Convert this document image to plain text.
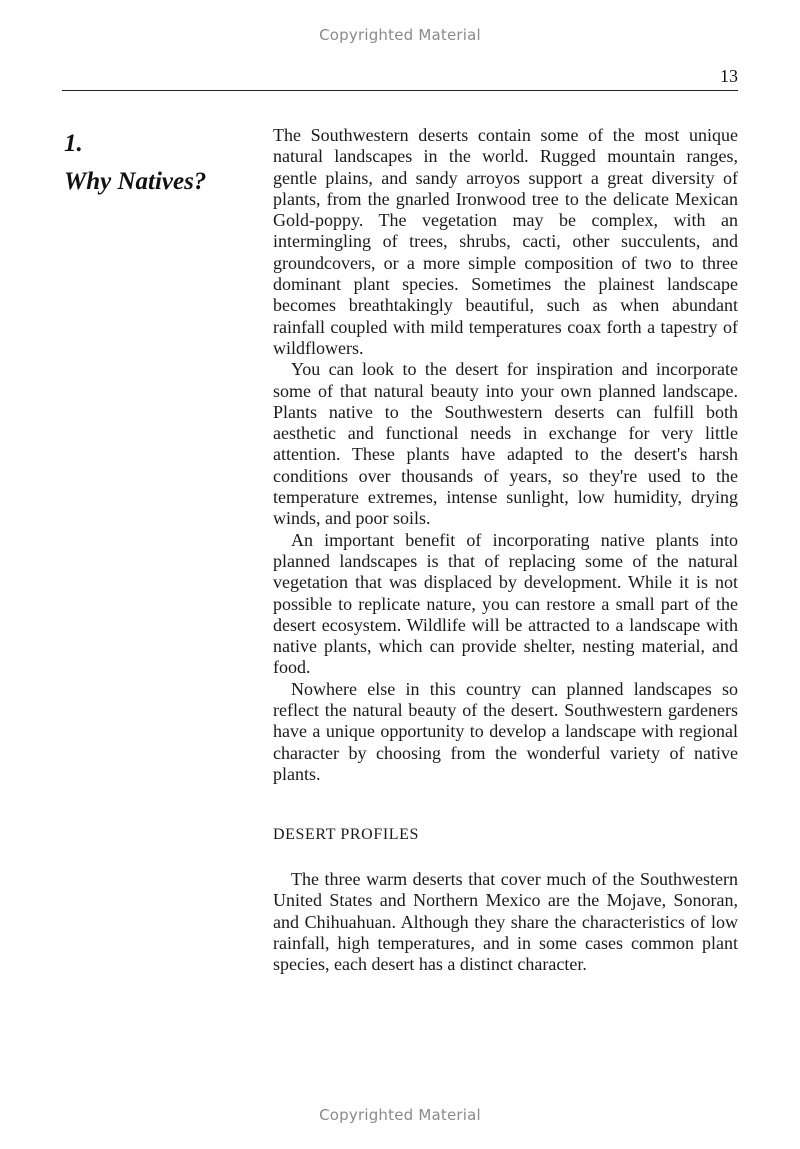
Copyrighted Material
13
1.
Why Natives?

The Southwestern deserts contain some of the most unique natural landscapes in the world. Rugged mountain ranges, gentle plains, and sandy arroyos support a great diversity of plants, from the gnarled Ironwood tree to the delicate Mexican Gold-poppy. The vegetation may be complex, with an intermingling of trees, shrubs, cacti, other succulents, and groundcovers, or a more simple composition of two to three dominant plant species. Sometimes the plainest landscape becomes breathtakingly beautiful, such as when abundant rainfall coupled with mild temperatures coax forth a tapestry of wildflowers.

You can look to the desert for inspiration and incorporate some of that natural beauty into your own planned landscape. Plants native to the Southwestern deserts can fulfill both aesthetic and functional needs in exchange for very little attention. These plants have adapted to the desert's harsh conditions over thousands of years, so they're used to the temperature extremes, intense sunlight, low humidity, drying winds, and poor soils.

An important benefit of incorporating native plants into planned landscapes is that of replacing some of the natural vegetation that was displaced by development. While it is not possible to replicate nature, you can restore a small part of the desert ecosystem. Wildlife will be attracted to a landscape with native plants, which can provide shelter, nesting material, and food.

Nowhere else in this country can planned landscapes so reflect the natural beauty of the desert. Southwestern gardeners have a unique opportunity to develop a landscape with regional character by choosing from the wonderful variety of native plants.

DESERT PROFILES

The three warm deserts that cover much of the Southwestern United States and Northern Mexico are the Mojave, Sonoran, and Chihuahuan. Although they share the characteristics of low rainfall, high temperatures, and in some cases common plant species, each desert has a distinct character.

Copyrighted Material
